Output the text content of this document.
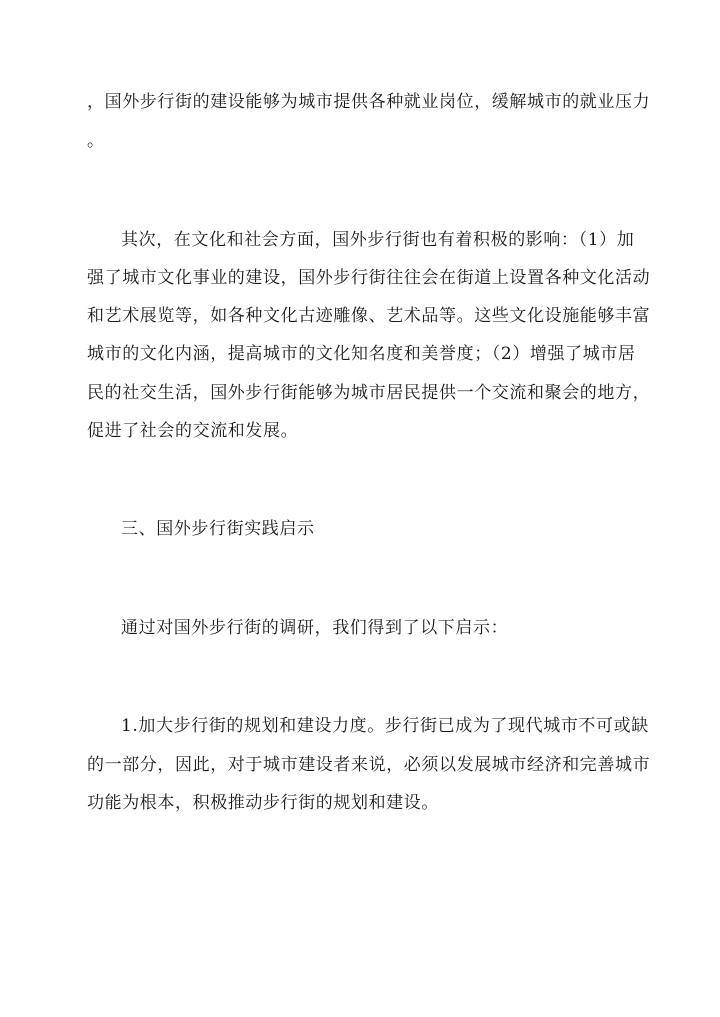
，国外步行街的建设能够为城市提供各种就业岗位，缓解城市的就业压力
。
其次，在文化和社会方面，国外步行街也有着积极的影响：（1）加
强了城市文化事业的建设，国外步行街往往会在街道上设置各种文化活动
和艺术展览等，如各种文化古迹雕像、艺术品等。这些文化设施能够丰富
城市的文化内涵，提高城市的文化知名度和美誉度；（2）增强了城市居
民的社交生活，国外步行街能够为城市居民提供一个交流和聚会的地方，
促进了社会的交流和发展。
三、国外步行街实践启示
通过对国外步行街的调研，我们得到了以下启示：
1.加大步行街的规划和建设力度。步行街已成为了现代城市不可或缺
的一部分，因此，对于城市建设者来说，必须以发展城市经济和完善城市
功能为根本，积极推动步行街的规划和建设。
